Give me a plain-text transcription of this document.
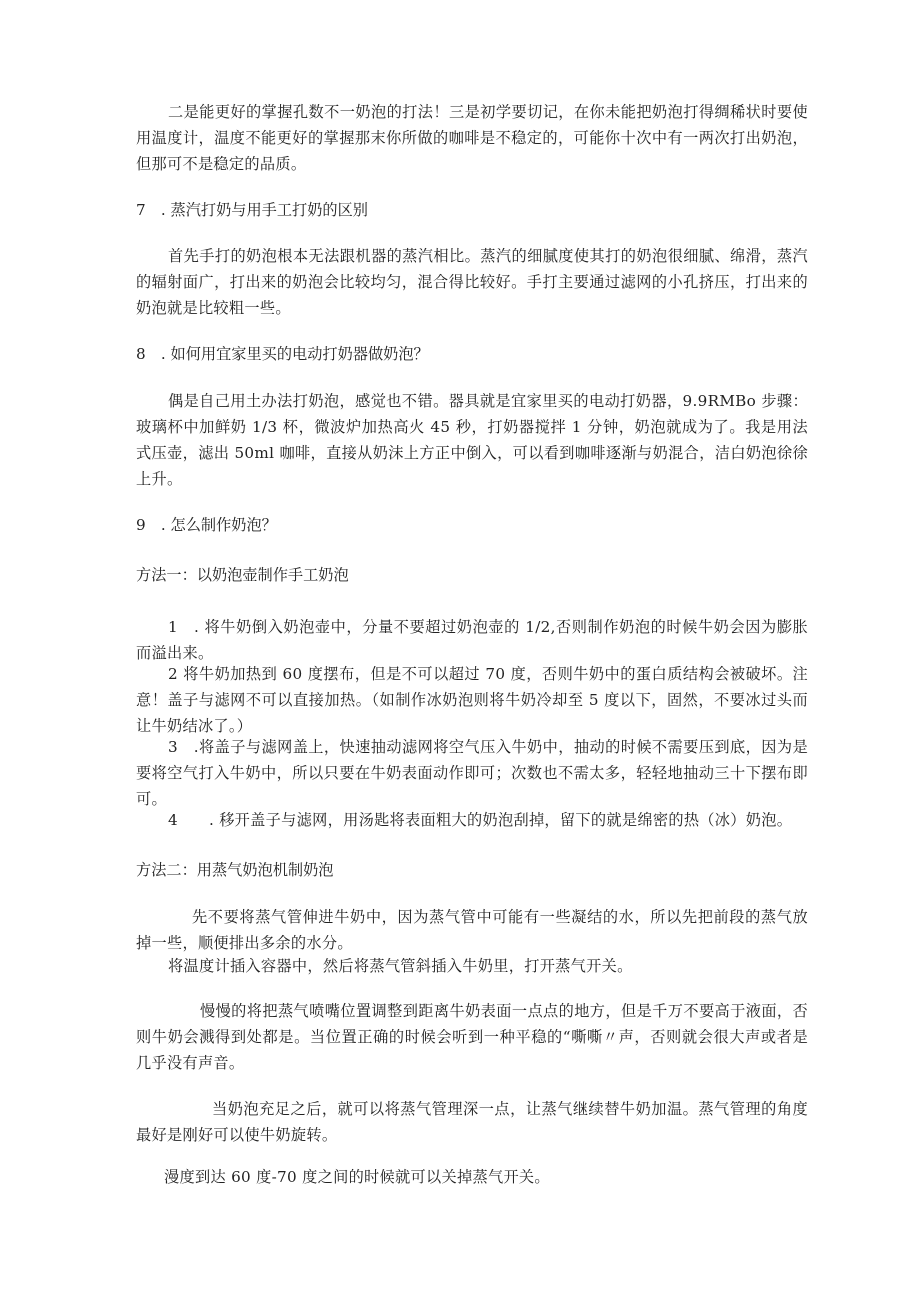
二是能更好的掌握孔数不一奶泡的打法！三是初学要切记，在你未能把奶泡打得绸稀状时要使用温度计，温度不能更好的掌握那末你所做的咖啡是不稳定的，可能你十次中有一两次打出奶泡，但那可不是稳定的品质。

7　. 蒸汽打奶与用手工打奶的区别

首先手打的奶泡根本无法跟机器的蒸汽相比。蒸汽的细腻度使其打的奶泡很细腻、绵滑，蒸汽的辐射面广，打出来的奶泡会比较均匀，混合得比较好。手打主要通过滤网的小孔挤压，打出来的奶泡就是比较粗一些。

8　. 如何用宜家里买的电动打奶器做奶泡？

偶是自己用土办法打奶泡，感觉也不错。器具就是宜家里买的电动打奶器，9.9RMBo 步骤：玻璃杯中加鲜奶 1/3 杯，微波炉加热高火 45 秒，打奶器搅拌 1 分钟，奶泡就成为了。我是用法式压壶，滤出 50ml 咖啡，直接从奶沫上方正中倒入，可以看到咖啡逐渐与奶混合，洁白奶泡徐徐上升。

9　. 怎么制作奶泡？

方法一：以奶泡壶制作手工奶泡

1　. 将牛奶倒入奶泡壶中，分量不要超过奶泡壶的 1/2,否则制作奶泡的时候牛奶会因为膨胀而溢出来。

2 将牛奶加热到 60 度摆布，但是不可以超过 70 度，否则牛奶中的蛋白质结构会被破坏。注意！盖子与滤网不可以直接加热。（如制作冰奶泡则将牛奶冷却至 5 度以下，固然，不要冰过头而让牛奶结冰了。）

3　.将盖子与滤网盖上，快速抽动滤网将空气压入牛奶中，抽动的时候不需要压到底，因为是要将空气打入牛奶中，所以只要在牛奶表面动作即可；次数也不需太多，轻轻地抽动三十下摆布即可。

4　　. 移开盖子与滤网，用汤匙将表面粗大的奶泡刮掉，留下的就是绵密的热（冰）奶泡。

方法二：用蒸气奶泡机制奶泡

先不要将蒸气管伸进牛奶中，因为蒸气管中可能有一些凝结的水，所以先把前段的蒸气放掉一些，顺便排出多余的水分。

将温度计插入容器中，然后将蒸气管斜插入牛奶里，打开蒸气开关。

慢慢的将把蒸气喷嘴位置调整到距离牛奶表面一点点的地方，但是千万不要高于液面，否则牛奶会溅得到处都是。当位置正确的时候会听到一种平稳的“嘶嘶〃声，否则就会很大声或者是几乎没有声音。

当奶泡充足之后，就可以将蒸气管理深一点，让蒸气继续替牛奶加温。蒸气管理的角度最好是刚好可以使牛奶旋转。

漫度到达 60 度-70 度之间的时候就可以关掉蒸气开关。
